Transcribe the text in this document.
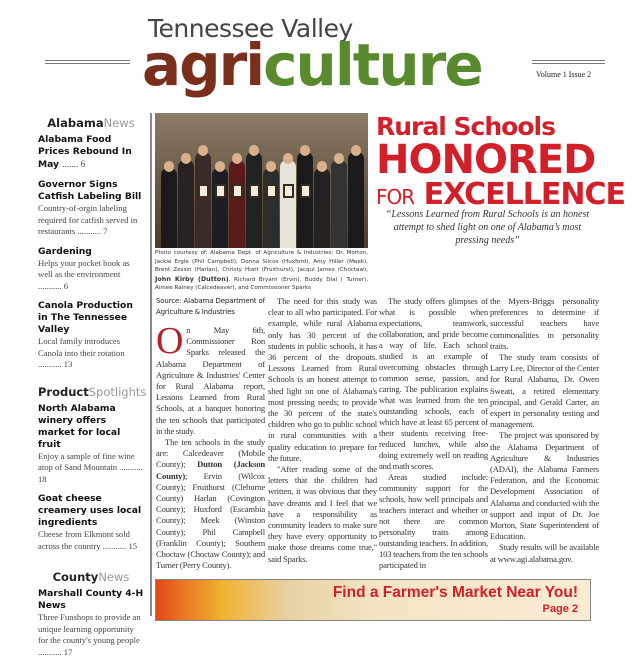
Tennessee Valley
agriculture	Volume 1 Issue 2
AlabamaNews
Alabama Food Prices Rebound In May ....... 6
Governor Signs Catfish Labeling Bill
Country-of-orgin labeling required for catfish served in restaurants ........... 7
Gardening
Helps your pocket book as well as the environment ........... 6
Canola Production in The Tennessee Valley
Local family introduces Canola into their rotation ........... 13
ProductSpotlights
North Alabama winery offers market for local fruit
Enjoy a sample of fine wine atop of Sand Mountain ........... 18
Goat cheese creamery uses local ingredients
Cheese from Elkmont sold across the country ........... 15
CountyNews
Marshall County 4-H News
Three Funshops to provide an unique learning opportunity for the county's young people ........... 17
Photo courtesy of: Alabama Dept. of Agriculture & Industries; Dr. Morton, Jackie Ergle (Phil Campbell), Donna Silcox (Huxford), Amy Hiller (Meek), Brent Zessin (Harlan), Christy Hiatt (Fruithurst), Jacqui James (Choctaw), John Kirby (Dutton), Richard Bryant (Ervin), Buddy Dial ( Turner), Aimee Rainey (Calcedeaver), and Commissioner Sparks
Rural Schools
HONORED
FOR EXCELLENCE
“Lessons Learned from Rural Schools is an honest attempt to shed light on one of Alabama’s most pressing needs”
Source: Alabama Department of Agriculture & Industries

On May 6th, Commissioner Ron Sparks released the Alabama Department of Agriculture & Industries' Center for Rural Alabama report, Lessons Learned from Rural Schools, at a banquet honoring the ten schools that participated in the study.

The ten schools in the study are: Calcedeaver (Mobile County); Dutton (Jackson County); Ervin (Wilcox County); Fruithurst (Cleburne County) Harlan (Covington County); Huxford (Escambia County); Meek (Winston County); Phil Campbell (Franklin County); Southern Choctaw (Choctaw County); and Turner (Perry County).

The need for this study was clear to all who participated. For example, while rural Alabama only has 30 percent of the students in public schools, it has 36 percent of the dropouts. Lessons Learned from Rural Schools is an honest attempt to shed light on one of Alabama's most pressing needs; to provide the 30 percent of the state's children who go to public school in rural communities with a quality education to prepare for the future.

"After reading some of the letters that the children had written, it was obvious that they have dreams and I feel that we have a responsibility as community leaders to make sure they have every opportunity to make those dreams come true," said Sparks.

The study offers glimpses of what is possible when expectations, teamwork, collaboration, and pride become a way of life. Each school studied is an example of overcoming obstacles through common sense, passion, and caring. The publication explains what was learned from the ten outstanding schools, each of which have at least 65 percent of their students receiving free-reduced lunches, while also doing extremely well on reading and math scores.

Areas studied include: community support for the schools, how well principals and teachers interact and whether or not there are common personality traits among outstanding teachers. In addition, 103 teachers from the ten schools participated in

the Myers-Briggs personality preferences to determine if successful teachers have commonalities in personality traits.

The study team consists of Larry Lee, Director of the Center for Rural Alabama, Dr. Owen Sweatt, a retired elementary principal, and Gerald Carter, an expert in personality testing and management.

The project was sponsored by the Alabama Department of Agriculture & Industries (ADAI), the Alabama Farmers Federation, and the Economic Development Association of Alabama and conducted with the support and input of Dr. Joe Morton, State Superintendent of Education.

Study results will be available at www.agi.alabama.gov.

Find a Farmer's Market Near You!
Page 2
